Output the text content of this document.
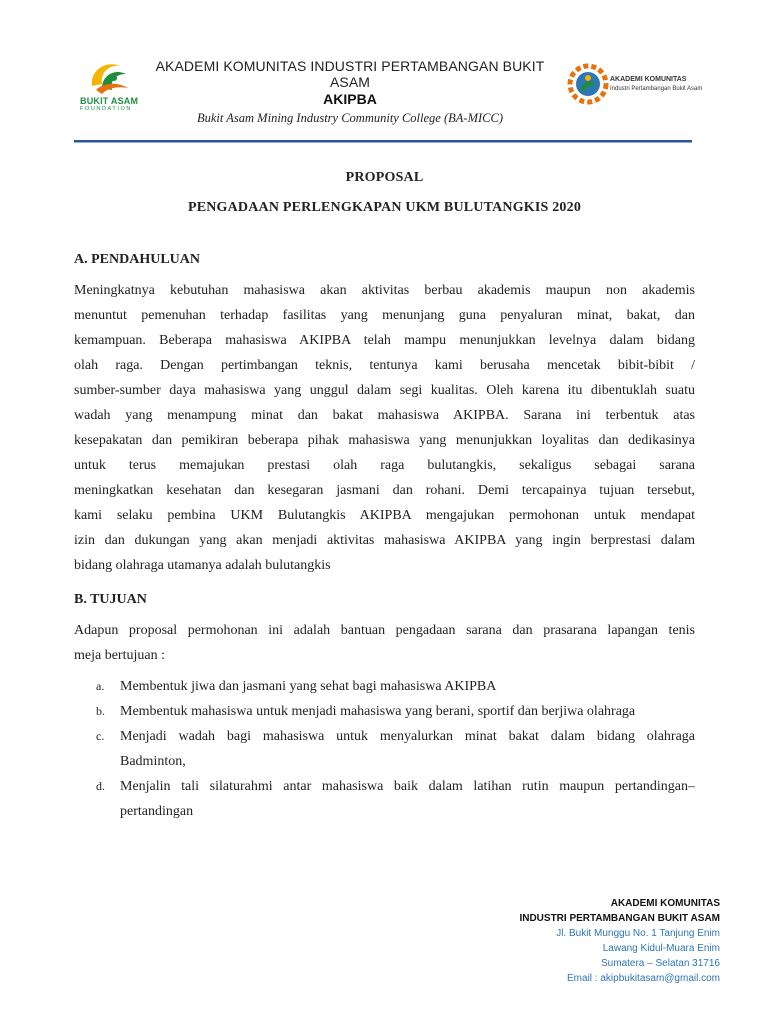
BUKIT ASAM
FOUNDATION
AKADEMI KOMUNITAS INDUSTRI PERTAMBANGAN BUKIT ASAM
AKIPBA
Bukit Asam Mining Industry Community College (BA-MICC)
AKADEMI KOMUNITAS
Industri Pertambangan Bukit Asam
PROPOSAL
PENGADAAN PERLENGKAPAN UKM BULUTANGKIS 2020
A. PENDAHULUAN
Meningkatnya kebutuhan mahasiswa akan aktivitas berbau akademis maupun non akademis
menuntut pemenuhan terhadap fasilitas yang menunjang guna penyaluran minat, bakat, dan
kemampuan. Beberapa mahasiswa AKIPBA telah mampu menunjukkan levelnya dalam bidang
olah raga. Dengan pertimbangan teknis, tentunya kami berusaha mencetak bibit-bibit /
sumber-sumber daya mahasiswa yang unggul dalam segi kualitas. Oleh karena itu dibentuklah suatu
wadah yang menampung minat dan bakat mahasiswa AKIPBA. Sarana ini terbentuk atas
kesepakatan dan pemikiran beberapa pihak mahasiswa yang menunjukkan loyalitas dan dedikasinya
untuk terus memajukan prestasi olah raga bulutangkis, sekaligus sebagai sarana
meningkatkan kesehatan dan kesegaran jasmani dan rohani. Demi tercapainya tujuan tersebut,
kami selaku pembina UKM Bulutangkis AKIPBA mengajukan permohonan untuk mendapat
izin dan dukungan yang akan menjadi aktivitas mahasiswa AKIPBA yang ingin berprestasi dalam
bidang olahraga utamanya adalah bulutangkis
B. TUJUAN
Adapun proposal permohonan ini adalah bantuan pengadaan sarana dan prasarana lapangan tenis
meja bertujuan :
a. Membentuk jiwa dan jasmani yang sehat bagi mahasiswa AKIPBA
b. Membentuk mahasiswa untuk menjadi mahasiswa yang berani, sportif dan berjiwa olahraga
c. Menjadi wadah bagi mahasiswa untuk menyalurkan minat bakat dalam bidang olahraga
Badminton,
d. Menjalin tali silaturahmi antar mahasiswa baik dalam latihan rutin maupun pertandingan–
pertandingan
AKADEMI KOMUNITAS
INDUSTRI PERTAMBANGAN BUKIT ASAM
Jl. Bukit Munggu No. 1 Tanjung Enim
Lawang Kidul-Muara Enim
Sumatera – Selatan 31716
Email : akipbukitasam@gmail.com
